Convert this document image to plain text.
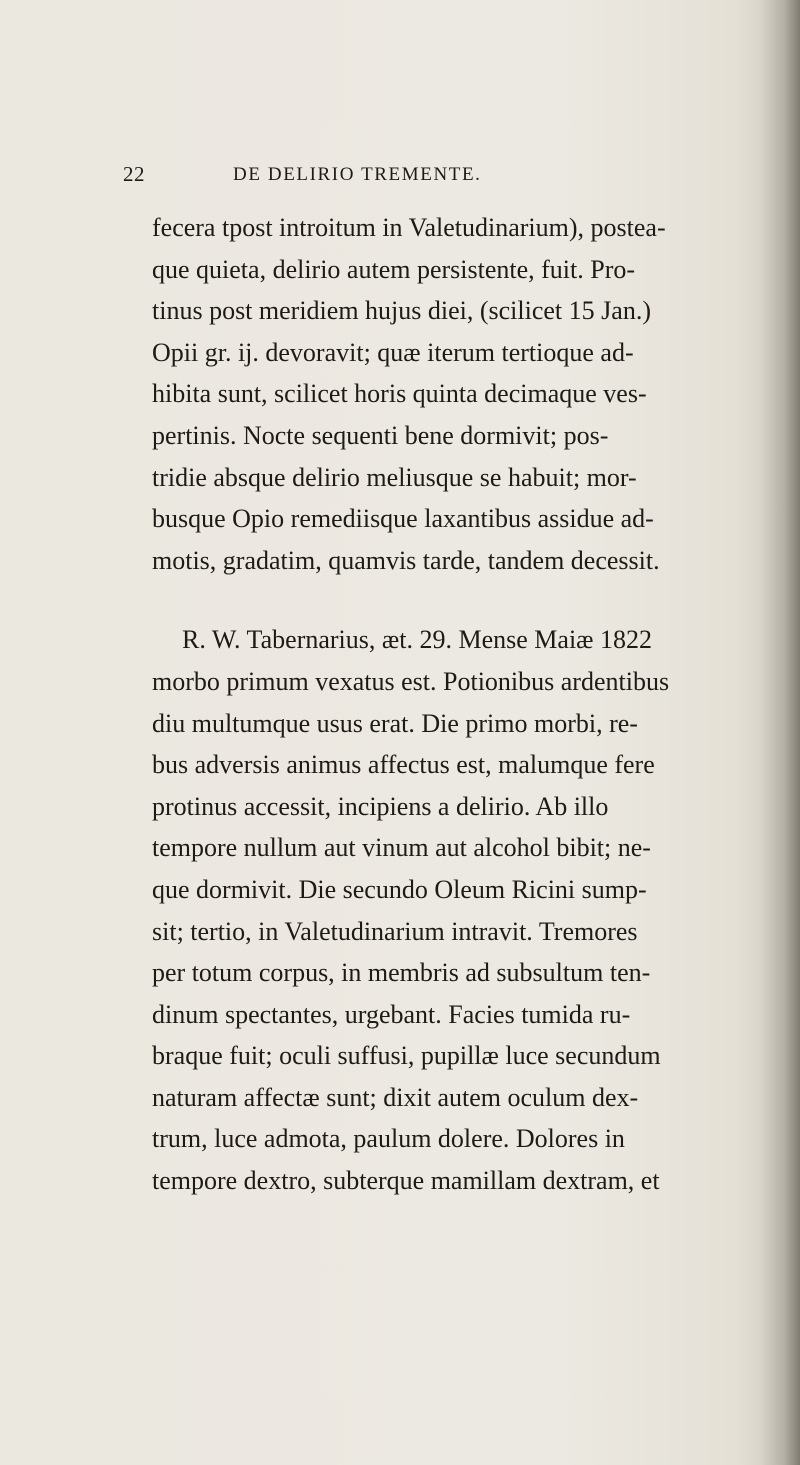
22	DE DELIRIO TREMENTE.
fecera tpost introitum in Valetudinarium), postea-
que quieta, delirio autem persistente, fuit. Pro-
tinus post meridiem hujus diei, (scilicet 15 Jan.)
Opii gr. ij. devoravit; quæ iterum tertioque ad-
hibita sunt, scilicet horis quinta decimaque ves-
pertinis. Nocte sequenti bene dormivit; pos-
tridie absque delirio meliusque se habuit; mor-
busque Opio remediisque laxantibus assidue ad-
motis, gradatim, quamvis tarde, tandem decessit.
R. W. Tabernarius, æt. 29. Mense Maiæ 1822
morbo primum vexatus est. Potionibus ardentibus
diu multumque usus erat. Die primo morbi, re-
bus adversis animus affectus est, malumque fere
protinus accessit, incipiens a delirio. Ab illo
tempore nullum aut vinum aut alcohol bibit; ne-
que dormivit. Die secundo Oleum Ricini sump-
sit; tertio, in Valetudinarium intravit. Tremores
per totum corpus, in membris ad subsultum ten-
dinum spectantes, urgebant. Facies tumida ru-
braque fuit; oculi suffusi, pupillæ luce secundum
naturam affectæ sunt; dixit autem oculum dex-
trum, luce admota, paulum dolere. Dolores in
tempore dextro, subterque mamillam dextram, et
